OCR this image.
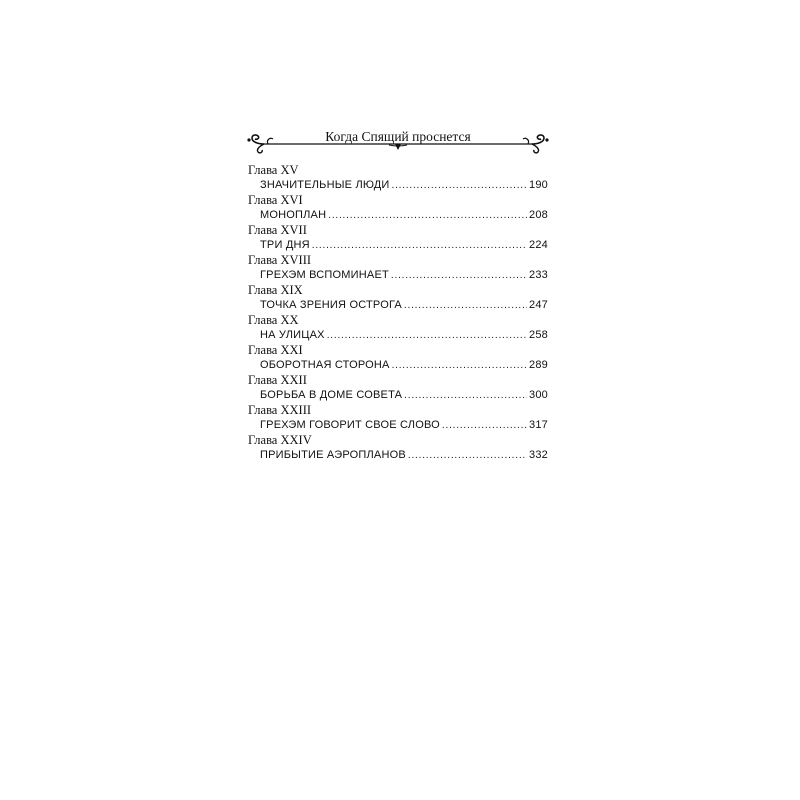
Когда Спящий проснется
Глава XV
ЗНАЧИТЕЛЬНЫЕ ЛЮДИ .....	190
Глава XVI
МОНОПЛАН .....	208
Глава XVII
ТРИ ДНЯ .....	224
Глава XVIII
ГРЕХЭМ ВСПОМИНАЕТ .....	233
Глава XIX
ТОЧКА ЗРЕНИЯ ОСТРОГА .....	247
Глава XX
НА УЛИЦАХ .....	258
Глава XXI
ОБОРОТНАЯ СТОРОНА .....	289
Глава XXII
БОРЬБА В ДОМЕ СОВЕТА .....	300
Глава XXIII
ГРЕХЭМ ГОВОРИТ СВОЕ СЛОВО .....	317
Глава XXIV
ПРИБЫТИЕ АЭРОПЛАНОВ .....	332
